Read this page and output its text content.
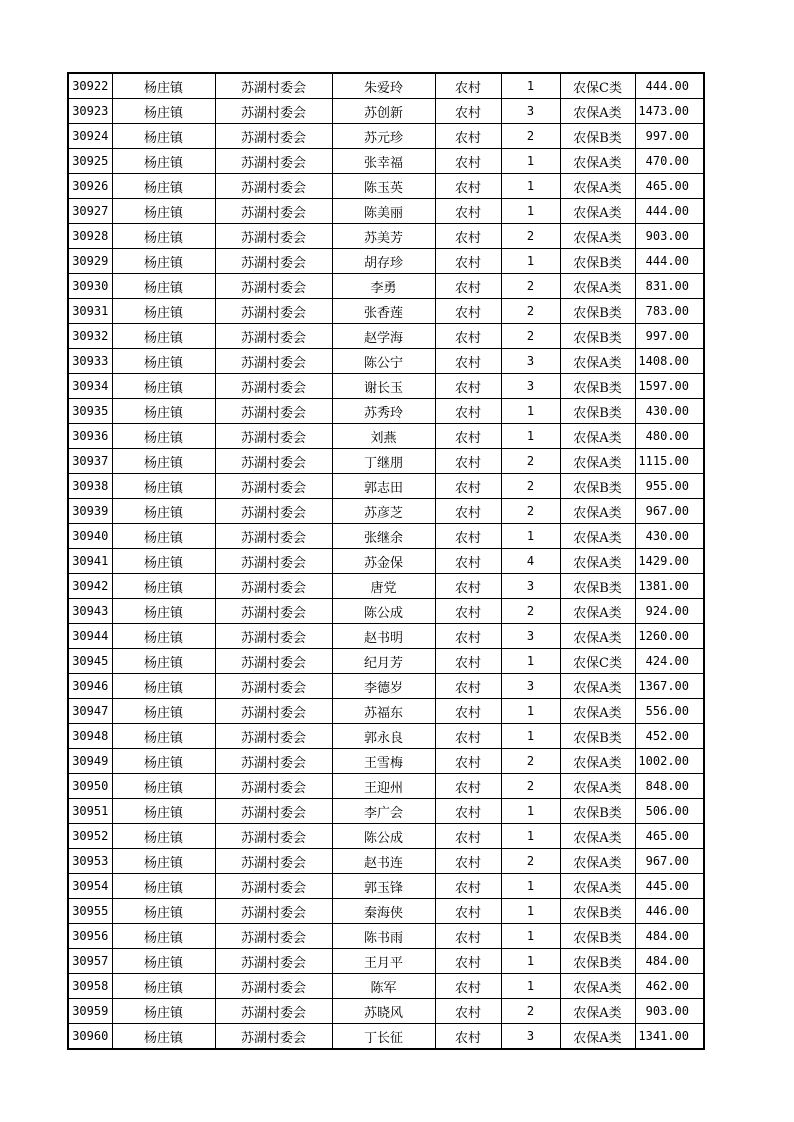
30922	杨庄镇	苏湖村委会	朱爱玲	农村	1	农保C类	444.00
30923	杨庄镇	苏湖村委会	苏创新	农村	3	农保A类	1473.00
30924	杨庄镇	苏湖村委会	苏元珍	农村	2	农保B类	997.00
30925	杨庄镇	苏湖村委会	张幸福	农村	1	农保A类	470.00
30926	杨庄镇	苏湖村委会	陈玉英	农村	1	农保A类	465.00
30927	杨庄镇	苏湖村委会	陈美丽	农村	1	农保A类	444.00
30928	杨庄镇	苏湖村委会	苏美芳	农村	2	农保A类	903.00
30929	杨庄镇	苏湖村委会	胡存珍	农村	1	农保B类	444.00
30930	杨庄镇	苏湖村委会	李勇	农村	2	农保A类	831.00
30931	杨庄镇	苏湖村委会	张香莲	农村	2	农保B类	783.00
30932	杨庄镇	苏湖村委会	赵学海	农村	2	农保B类	997.00
30933	杨庄镇	苏湖村委会	陈公宁	农村	3	农保A类	1408.00
30934	杨庄镇	苏湖村委会	谢长玉	农村	3	农保B类	1597.00
30935	杨庄镇	苏湖村委会	苏秀玲	农村	1	农保B类	430.00
30936	杨庄镇	苏湖村委会	刘燕	农村	1	农保A类	480.00
30937	杨庄镇	苏湖村委会	丁继朋	农村	2	农保A类	1115.00
30938	杨庄镇	苏湖村委会	郭志田	农村	2	农保B类	955.00
30939	杨庄镇	苏湖村委会	苏彦芝	农村	2	农保A类	967.00
30940	杨庄镇	苏湖村委会	张继余	农村	1	农保A类	430.00
30941	杨庄镇	苏湖村委会	苏金保	农村	4	农保A类	1429.00
30942	杨庄镇	苏湖村委会	唐党	农村	3	农保B类	1381.00
30943	杨庄镇	苏湖村委会	陈公成	农村	2	农保A类	924.00
30944	杨庄镇	苏湖村委会	赵书明	农村	3	农保A类	1260.00
30945	杨庄镇	苏湖村委会	纪月芳	农村	1	农保C类	424.00
30946	杨庄镇	苏湖村委会	李德岁	农村	3	农保A类	1367.00
30947	杨庄镇	苏湖村委会	苏福东	农村	1	农保A类	556.00
30948	杨庄镇	苏湖村委会	郭永良	农村	1	农保B类	452.00
30949	杨庄镇	苏湖村委会	王雪梅	农村	2	农保A类	1002.00
30950	杨庄镇	苏湖村委会	王迎州	农村	2	农保A类	848.00
30951	杨庄镇	苏湖村委会	李广会	农村	1	农保B类	506.00
30952	杨庄镇	苏湖村委会	陈公成	农村	1	农保A类	465.00
30953	杨庄镇	苏湖村委会	赵书连	农村	2	农保A类	967.00
30954	杨庄镇	苏湖村委会	郭玉锋	农村	1	农保A类	445.00
30955	杨庄镇	苏湖村委会	秦海侠	农村	1	农保B类	446.00
30956	杨庄镇	苏湖村委会	陈书雨	农村	1	农保B类	484.00
30957	杨庄镇	苏湖村委会	王月平	农村	1	农保B类	484.00
30958	杨庄镇	苏湖村委会	陈军	农村	1	农保A类	462.00
30959	杨庄镇	苏湖村委会	苏晓风	农村	2	农保A类	903.00
30960	杨庄镇	苏湖村委会	丁长征	农村	3	农保A类	1341.00
